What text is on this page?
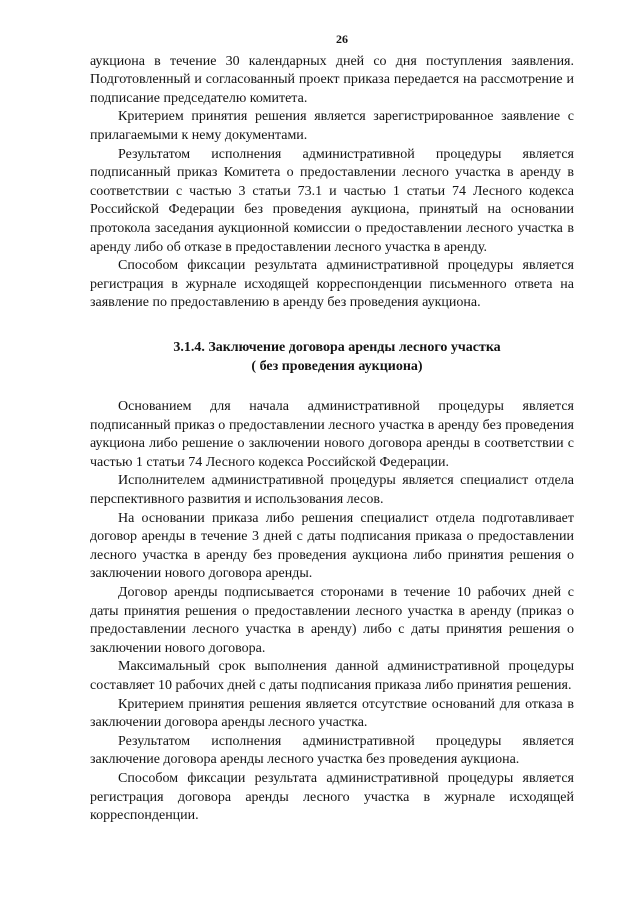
26

аукциона в течение 30 календарных дней со дня поступления заявления. Подготовленный и согласованный проект приказа передается на рассмотрение и подписание председателю комитета.

Критерием принятия решения является зарегистрированное заявление с прилагаемыми к нему документами.

Результатом исполнения административной процедуры является подписанный приказ Комитета о предоставлении лесного участка в аренду в соответствии с частью 3 статьи 73.1 и частью 1 статьи 74 Лесного кодекса Российской Федерации без проведения аукциона, принятый на основании протокола заседания аукционной комиссии о предоставлении лесного участка в аренду либо об отказе в предоставлении лесного участка в аренду.

Способом фиксации результата административной процедуры является регистрация в журнале исходящей корреспонденции письменного ответа на заявление по предоставлению в аренду без проведения аукциона.

3.1.4. Заключение договора аренды лесного участка
( без проведения аукциона)

Основанием для начала административной процедуры является подписанный приказ о предоставлении лесного участка в аренду без проведения аукциона либо решение о заключении нового договора аренды в соответствии с частью 1 статьи 74 Лесного кодекса Российской Федерации.

Исполнителем административной процедуры является специалист отдела перспективного развития и использования лесов.

На основании приказа либо решения специалист отдела подготавливает договор аренды в течение 3 дней с даты подписания приказа о предоставлении лесного участка в аренду без проведения аукциона либо принятия решения о заключении нового договора аренды.

Договор аренды подписывается сторонами в течение 10 рабочих дней с даты принятия решения о предоставлении лесного участка в аренду (приказ о предоставлении лесного участка в аренду) либо с даты принятия решения о заключении нового договора.

Максимальный срок выполнения данной административной процедуры составляет 10 рабочих дней с даты подписания приказа либо принятия решения.

Критерием принятия решения является отсутствие оснований для отказа в заключении договора аренды лесного участка.

Результатом исполнения административной процедуры является заключение договора аренды лесного участка без проведения аукциона.

Способом фиксации результата административной процедуры является регистрация договора аренды лесного участка в журнале исходящей корреспонденции.
